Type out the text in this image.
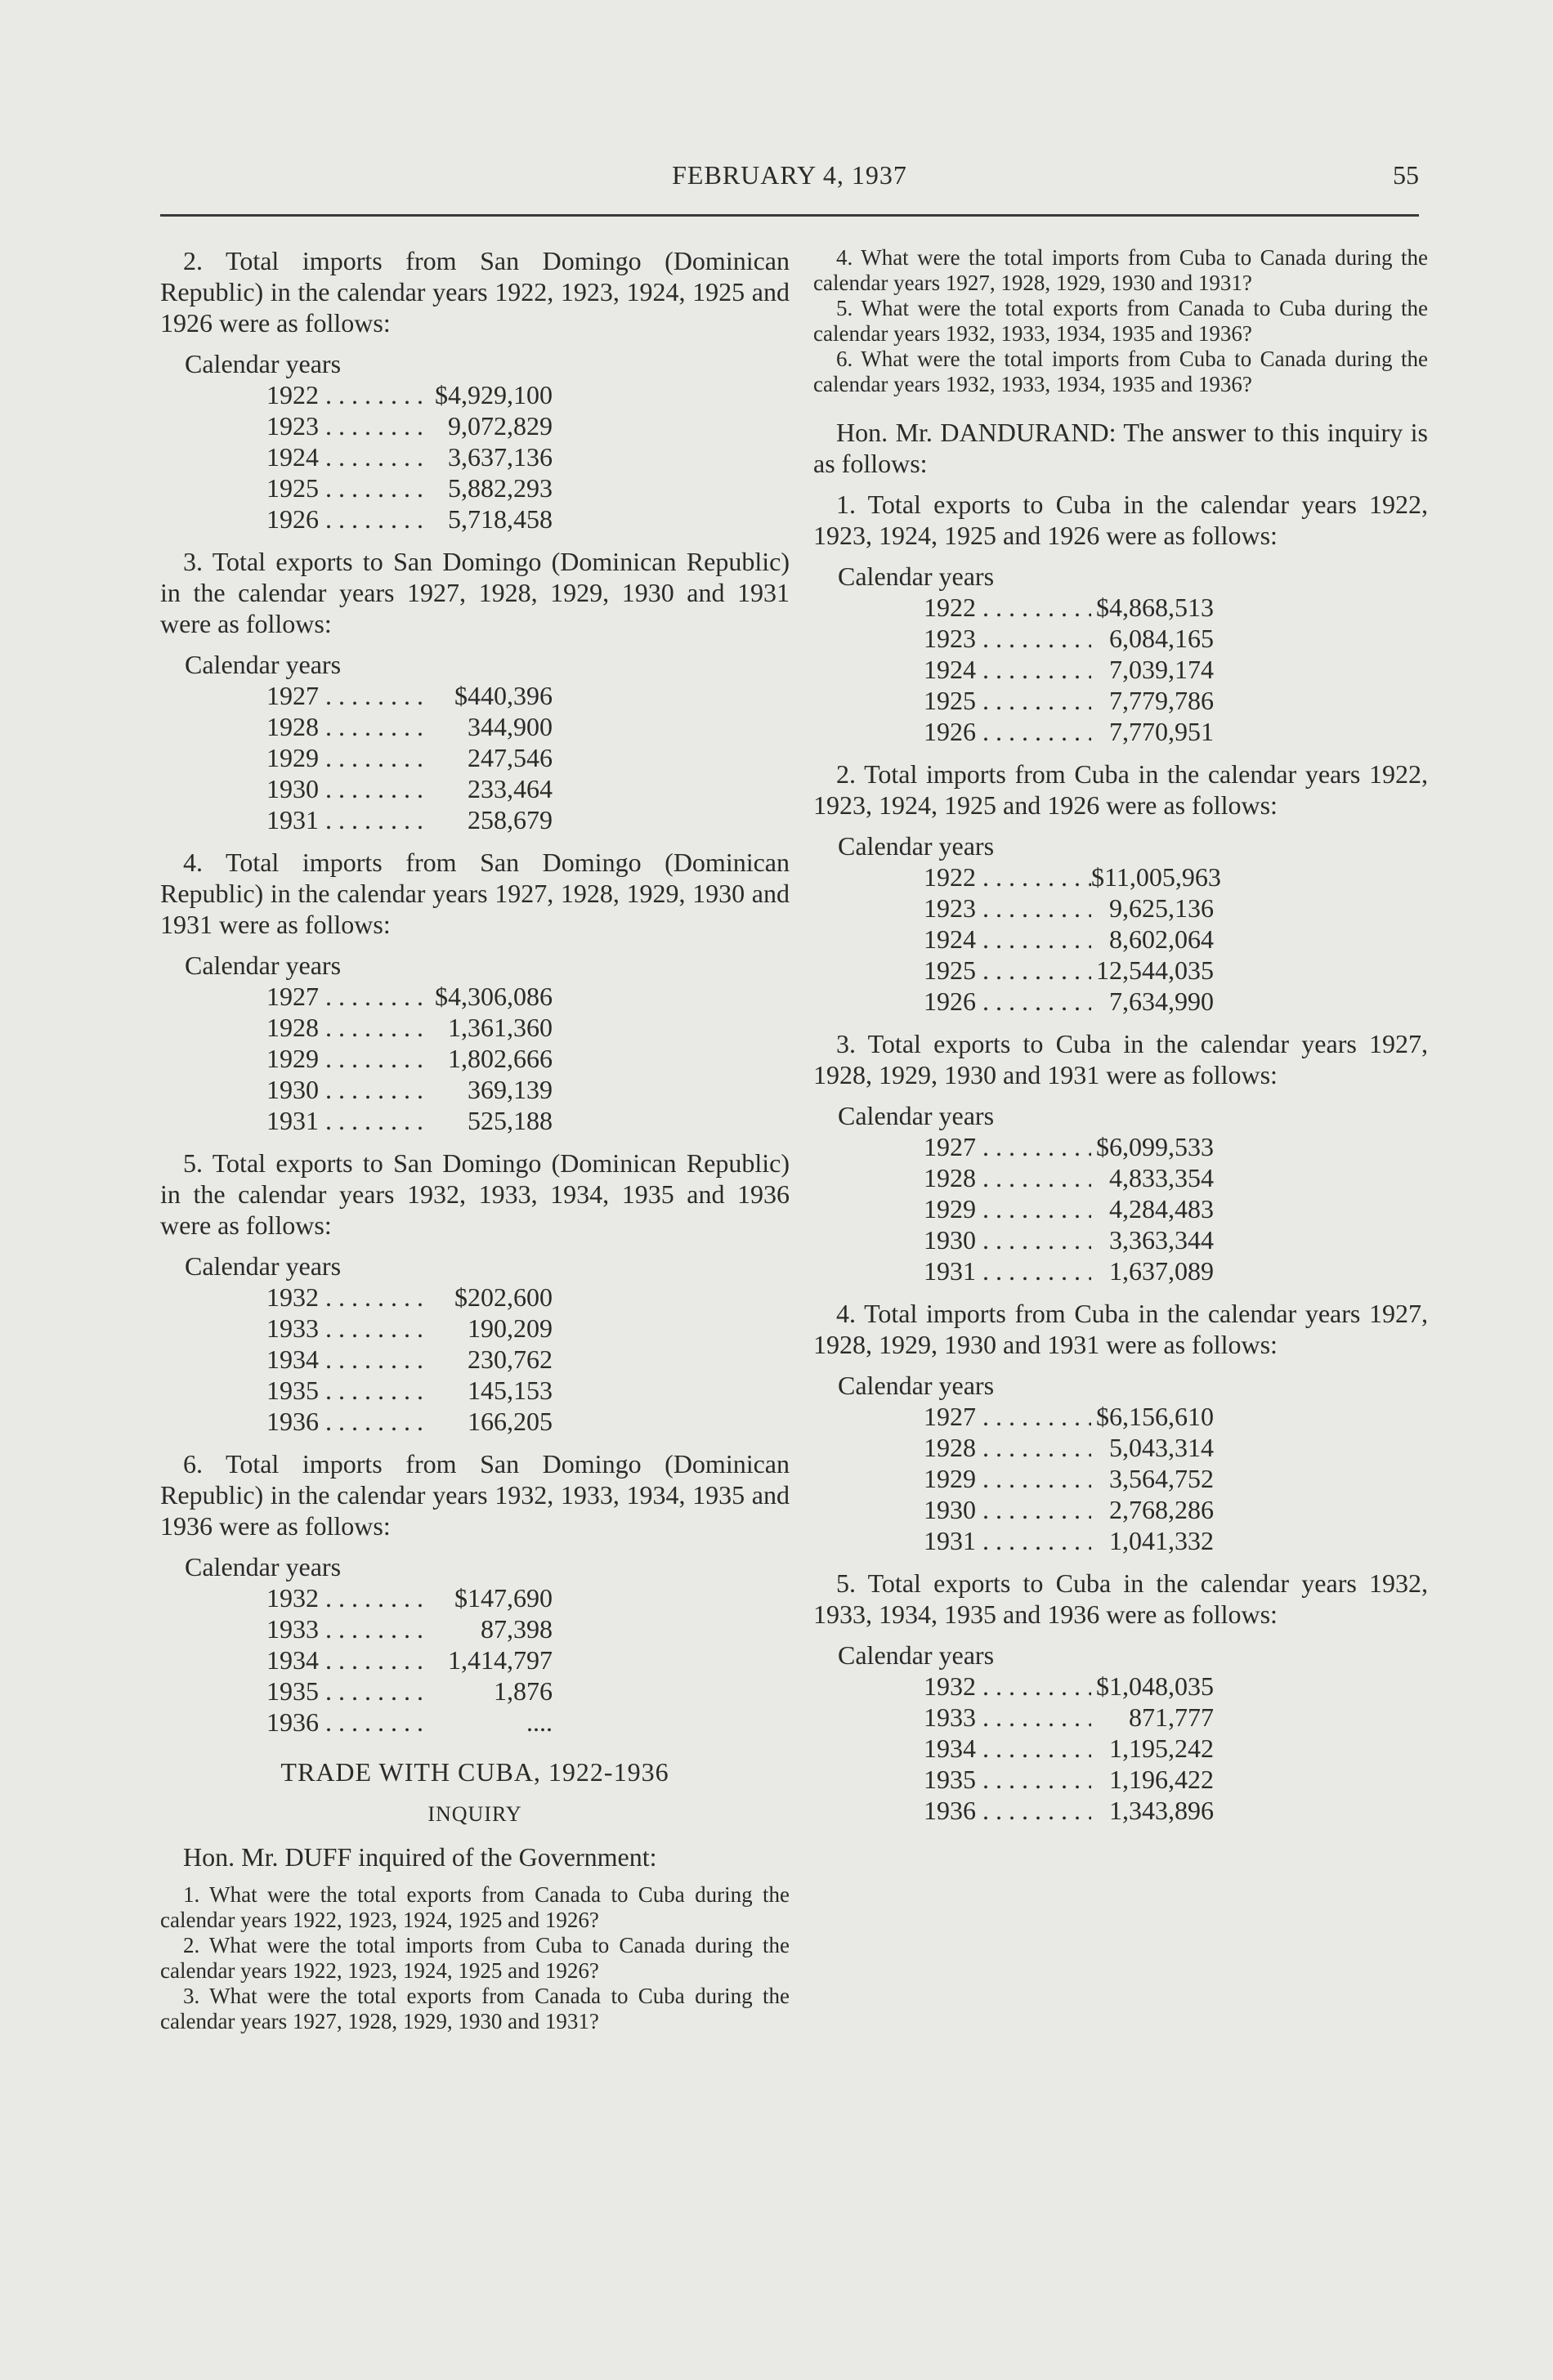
FEBRUARY 4, 1937	55

2. Total imports from San Domingo (Dominican Republic) in the calendar years 1922, 1923, 1924, 1925 and 1926 were as follows:

Calendar years
1922 . . .	$4,929,100
1923 . . .	9,072,829
1924 . . .	3,637,136
1925 . . .	5,882,293
1926 . . .	5,718,458

3. Total exports to San Domingo (Dominican Republic) in the calendar years 1927, 1928, 1929, 1930 and 1931 were as follows:

Calendar years
1927 . . .	$440,396
1928 . . .	344,900
1929 . . .	247,546
1930 . . .	233,464
1931 . . .	258,679

4. Total imports from San Domingo (Dominican Republic) in the calendar years 1927, 1928, 1929, 1930 and 1931 were as follows:

Calendar years
1927 . . .	$4,306,086
1928 . . .	1,361,360
1929 . . .	1,802,666
1930 . . .	369,139
1931 . . .	525,188

5. Total exports to San Domingo (Dominican Republic) in the calendar years 1932, 1933, 1934, 1935 and 1936 were as follows:

Calendar years
1932 . . .	$202,600
1933 . . .	190,209
1934 . . .	230,762
1935 . . .	145,153
1936 . . .	166,205

6. Total imports from San Domingo (Dominican Republic) in the calendar years 1932, 1933, 1934, 1935 and 1936 were as follows:

Calendar years
1932 . . .	$147,690
1933 . . .	87,398
1934 . . .	1,414,797
1935 . . .	1,876
1936 . . .	....
TRADE WITH CUBA, 1922-1936
INQUIRY

Hon. Mr. DUFF inquired of the Government:

1. What were the total exports from Canada to Cuba during the calendar years 1922, 1923, 1924, 1925 and 1926?

2. What were the total imports from Cuba to Canada during the calendar years 1922, 1923, 1924, 1925 and 1926?

3. What were the total exports from Canada to Cuba during the calendar years 1927, 1928, 1929, 1930 and 1931?

4. What were the total imports from Cuba to Canada during the calendar years 1927, 1928, 1929, 1930 and 1931?

5. What were the total exports from Canada to Cuba during the calendar years 1932, 1933, 1934, 1935 and 1936?

6. What were the total imports from Cuba to Canada during the calendar years 1932, 1933, 1934, 1935 and 1936?

Hon. Mr. DANDURAND: The answer to this inquiry is as follows:

1. Total exports to Cuba in the calendar years 1922, 1923, 1924, 1925 and 1926 were as follows:

Calendar years
1922 . . .	$4,868,513
1923 . . .	6,084,165
1924 . . .	7,039,174
1925 . . .	7,779,786
1926 . . .	7,770,951

2. Total imports from Cuba in the calendar years 1922, 1923, 1924, 1925 and 1926 were as follows:

Calendar years
1922 . . .	$11,005,963
1923 . . .	9,625,136
1924 . . .	8,602,064
1925 . . .	12,544,035
1926 . . .	7,634,990

3. Total exports to Cuba in the calendar years 1927, 1928, 1929, 1930 and 1931 were as follows:

Calendar years
1927 . . .	$6,099,533
1928 . . .	4,833,354
1929 . . .	4,284,483
1930 . . .	3,363,344
1931 . . .	1,637,089

4. Total imports from Cuba in the calendar years 1927, 1928, 1929, 1930 and 1931 were as follows:

Calendar years
1927 . . .	$6,156,610
1928 . . .	5,043,314
1929 . . .	3,564,752
1930 . . .	2,768,286
1931 . . .	1,041,332

5. Total exports to Cuba in the calendar years 1932, 1933, 1934, 1935 and 1936 were as follows:

Calendar years
1932 . . .	$1,048,035
1933 . . .	871,777
1934 . . .	1,195,242
1935 . . .	1,196,422
1936 . . .	1,343,896
